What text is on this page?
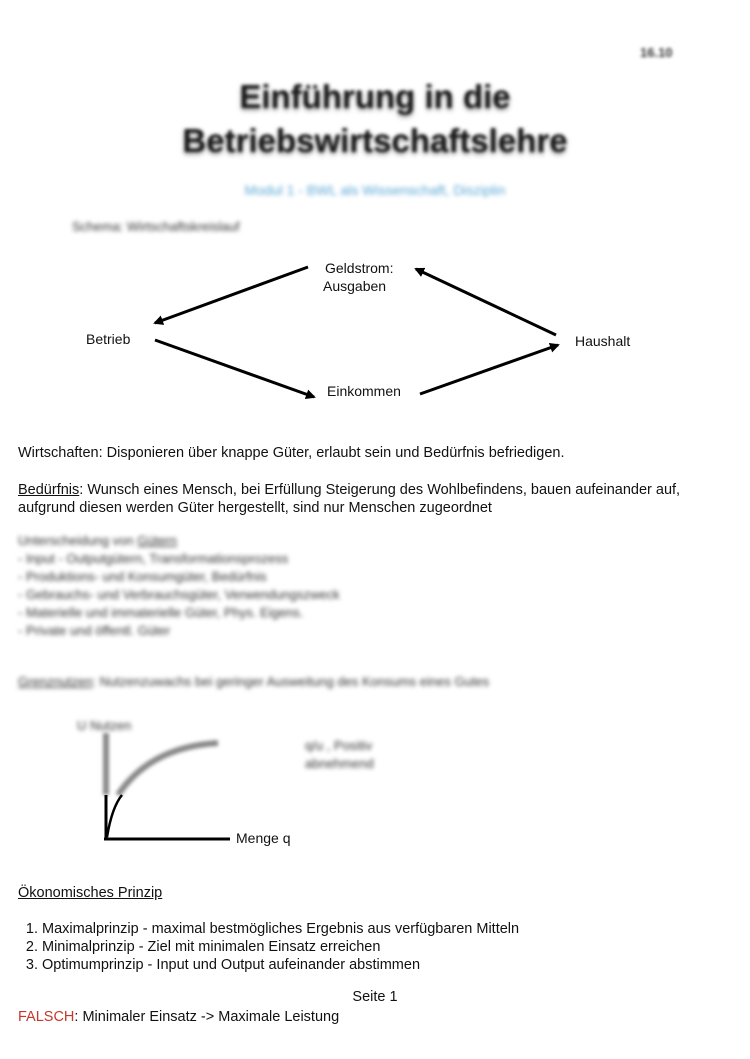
16.10
Einführung in die
Betriebswirtschaftslehre
Modul 1 - BWL als Wissenschaft, Disziplin
Schema: Wirtschaftskreislauf
Geldstrom:
Ausgaben
Betrieb	Haushalt
Einkommen
Wirtschaften: Disponieren über knappe Güter, erlaubt sein und Bedürfnis befriedigen.
Bedürfnis: Wunsch eines Mensch, bei Erfüllung Steigerung des Wohlbefindens, bauen aufeinander auf, aufgrund diesen werden Güter hergestellt, sind nur Menschen zugeordnet
Unterscheidung von Gütern
- Input - Outputgütern, Transformationsprozess
- Produktions- und Konsumgüter, Bedürfnis
- Gebrauchs- und Verbrauchsgüter, Verwendungszweck
- Materielle und immaterielle Güter, Phys. Eigens.
- Private und öffentl. Güter
Grenznutzen: Nutzenzuwachs bei geringer Ausweitung des Konsums eines Gutes
U Nutzen
Menge q
q/u , Positiv
abnehmend
Ökonomisches Prinzip
1. Maximalprinzip - maximal bestmögliches Ergebnis aus verfügbaren Mitteln
2. Minimalprinzip - Ziel mit minimalen Einsatz erreichen
3. Optimumprinzip - Input und Output aufeinander abstimmen
Seite 1
FALSCH: Minimaler Einsatz -> Maximale Leistung
